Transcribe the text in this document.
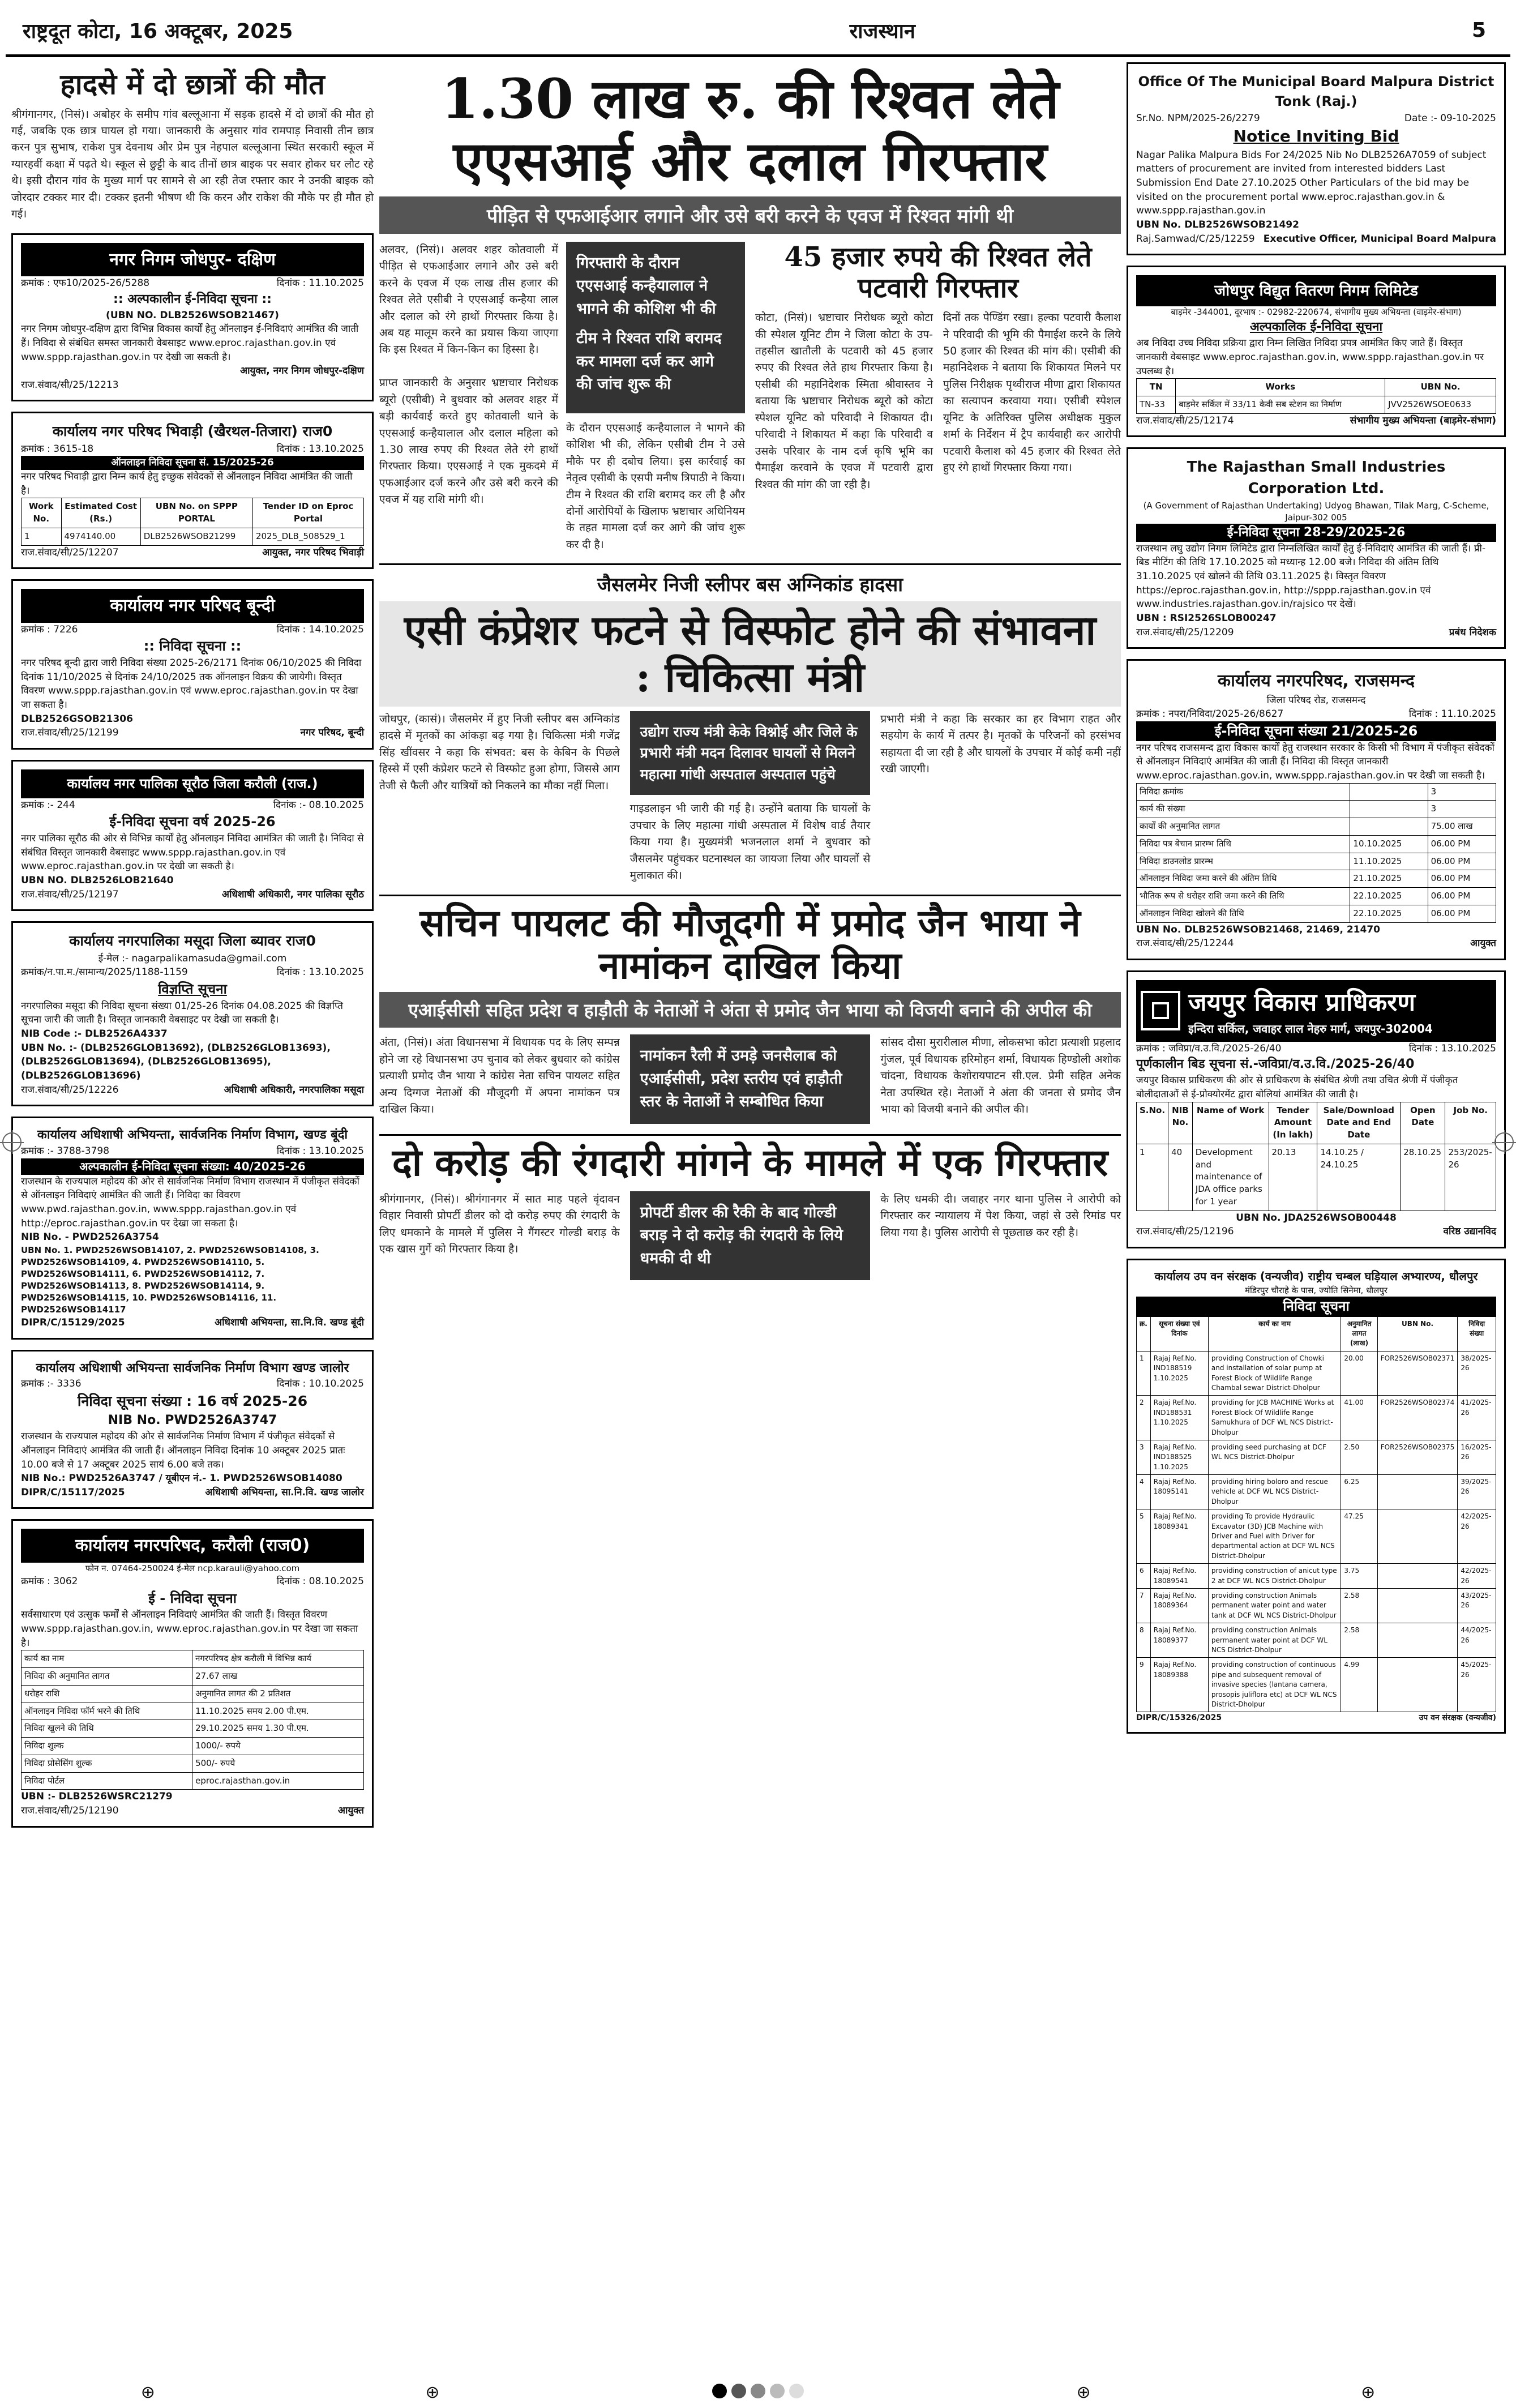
राष्ट्रदूत कोटा, 16 अक्टूबर, 2025	राजस्थान	5
हादसे में दो छात्रों की मौत
श्रीगंगानगर, (निसं)। अबोहर के समीप गांव बल्लूआना में सड़क हादसे में दो छात्रों की मौत हो गई, जबकि एक छात्र घायल हो गया। जानकारी के अनुसार गांव रामपाड़ निवासी तीन छात्र करन पुत्र सुभाष, राकेश पुत्र देवनाथ और प्रेम पुत्र नेहपाल बल्लूआना स्थित सरकारी स्कूल में ग्यारहवीं कक्षा में पढ़ते थे। स्कूल से छुट्टी के बाद तीनों छात्र बाइक पर सवार होकर घर लौट रहे थे। इसी दौरान गांव के मुख्य मार्ग पर सामने से आ रही तेज रफ्तार कार ने उनकी बाइक को जोरदार टक्कर मार दी। टक्कर इतनी भीषण थी कि करन और राकेश की मौके पर ही मौत हो गई।
नगर निगम जोधपुर- दक्षिण
क्रमांक : एफ10/2025-26/5288	दिनांक : 11.10.2025
:: अल्पकालीन ई-निविदा सूचना ::
(UBN NO. DLB2526WSOB21467)
नगर निगम जोधपुर-दक्षिण द्वारा विभिन्न विकास कार्यों हेतु ऑनलाइन ई-निविदाएं आमंत्रित की जाती हैं। निविदा से संबंधित समस्त जानकारी वेबसाइट www.eproc.rajasthan.gov.in एवं www.sppp.rajasthan.gov.in पर देखी जा सकती है।
आयुक्त, नगर निगम जोधपुर-दक्षिण
राज.संवाद/सी/25/12213
कार्यालय नगर परिषद भिवाड़ी (खैरथल-तिजारा) राज0
क्रमांक : 3615-18	दिनांक : 13.10.2025
ऑनलाइन निविदा सूचना सं. 15/2025-26
नगर परिषद भिवाड़ी द्वारा निम्न कार्य हेतु इच्छुक संवेदकों से ऑनलाइन निविदा आमंत्रित की जाती है।
Work No.	Estimated Cost (Rs.)	UBN No. on SPPP PORTAL	Tender ID on Eproc Portal
1	4974140.00	DLB2526WSOB21299	2025_DLB_508529_1
राज.संवाद/सी/25/12207	आयुक्त, नगर परिषद भिवाड़ी
कार्यालय नगर परिषद बून्दी
क्रमांक : 7226	दिनांक : 14.10.2025
:: निविदा सूचना ::
नगर परिषद बून्दी द्वारा जारी निविदा संख्या 2025-26/2171 दिनांक 06/10/2025 की निविदा दिनांक 11/10/2025 से दिनांक 24/10/2025 तक ऑनलाइन विक्रय की जायेगी। विस्तृत विवरण www.sppp.rajasthan.gov.in एवं www.eproc.rajasthan.gov.in पर देखा जा सकता है।
DLB2526GSOB21306
राज.संवाद/सी/25/12199	नगर परिषद, बून्दी
कार्यालय नगर पालिका सूरौठ जिला करौली (राज.)
क्रमांक :- 244	दिनांक :- 08.10.2025
ई-निविदा सूचना वर्ष 2025-26
नगर पालिका सूरौठ की ओर से विभिन्न कार्यों हेतु ऑनलाइन निविदा आमंत्रित की जाती है। निविदा से संबंधित विस्तृत जानकारी वेबसाइट www.sppp.rajasthan.gov.in एवं www.eproc.rajasthan.gov.in पर देखी जा सकती है।
UBN NO. DLB2526LOB21640
राज.संवाद/सी/25/12197	अधिशाषी अधिकारी, नगर पालिका सूरौठ
कार्यालय नगरपालिका मसूदा जिला ब्यावर राज0
ई-मेल :- nagarpalikamasuda@gmail.com
क्रमांक/न.पा.म./सामान्य/2025/1188-1159	दिनांक : 13.10.2025
विज्ञप्ति सूचना
नगरपालिका मसूदा की निविदा सूचना संख्या 01/25-26 दिनांक 04.08.2025 की विज्ञप्ति सूचना जारी की जाती है। विस्तृत जानकारी वेबसाइट पर देखी जा सकती है।
NIB Code :- DLB2526A4337
UBN No. :- (DLB2526GLOB13692), (DLB2526GLOB13693), (DLB2526GLOB13694), (DLB2526GLOB13695), (DLB2526GLOB13696)
राज.संवाद/सी/25/12226	अधिशाषी अधिकारी, नगरपालिका मसूदा
कार्यालय अधिशाषी अभियन्ता, सार्वजनिक निर्माण विभाग, खण्ड बूंदी
क्रमांक :- 3788-3798	दिनांक : 13.10.2025
अल्पकालीन ई-निविदा सूचना संख्या: 40/2025-26
राजस्थान के राज्यपाल महोदय की ओर से सार्वजनिक निर्माण विभाग राजस्थान में पंजीकृत संवेदकों से ऑनलाइन निविदाएं आमंत्रित की जाती हैं। निविदा का विवरण www.pwd.rajasthan.gov.in, www.sppp.rajasthan.gov.in एवं http://eproc.rajasthan.gov.in पर देखा जा सकता है।
NIB No. - PWD2526A3754
UBN No. 1. PWD2526WSOB14107, 2. PWD2526WSOB14108, 3. PWD2526WSOB14109, 4. PWD2526WSOB14110, 5. PWD2526WSOB14111, 6. PWD2526WSOB14112, 7. PWD2526WSOB14113, 8. PWD2526WSOB14114, 9. PWD2526WSOB14115, 10. PWD2526WSOB14116, 11. PWD2526WSOB14117
DIPR/C/15129/2025	अधिशाषी अभियन्ता, सा.नि.वि. खण्ड बूंदी
कार्यालय अधिशाषी अभियन्ता सार्वजनिक निर्माण विभाग खण्ड जालोर
क्रमांक :- 3336	दिनांक : 10.10.2025
निविदा सूचना संख्या : 16 वर्ष 2025-26
NIB No. PWD2526A3747
राजस्थान के राज्यपाल महोदय की ओर से सार्वजनिक निर्माण विभाग में पंजीकृत संवेदकों से ऑनलाइन निविदाएं आमंत्रित की जाती हैं। ऑनलाइन निविदा दिनांक 10 अक्टूबर 2025 प्रातः 10.00 बजे से 17 अक्टूबर 2025 सायं 6.00 बजे तक।
NIB No.: PWD2526A3747 / यूबीएन नं.- 1. PWD2526WSOB14080
DIPR/C/15117/2025	अधिशाषी अभियन्ता, सा.नि.वि. खण्ड जालोर
कार्यालय नगरपरिषद, करौली (राज0)
फोन न. 07464-250024 ई-मेल ncp.karauli@yahoo.com
क्रमांक : 3062	दिनांक : 08.10.2025
ई - निविदा सूचना
सर्वसाधारण एवं उत्सुक फर्मों से ऑनलाइन निविदाएं आमंत्रित की जाती हैं। विस्तृत विवरण www.sppp.rajasthan.gov.in, www.eproc.rajasthan.gov.in पर देखा जा सकता है।
कार्य का नाम	नगरपरिषद क्षेत्र करौली में विभिन्न कार्य
निविदा की अनुमानित लागत	27.67 लाख
धरोहर राशि	अनुमानित लागत की 2 प्रतिशत
ऑनलाइन निविदा फॉर्म भरने की तिथि	11.10.2025 समय 2.00 पी.एम.
निविदा खुलने की तिथि	29.10.2025 समय 1.30 पी.एम.
निविदा शुल्क	1000/- रुपये
निविदा प्रोसेसिंग शुल्क	500/- रुपये
निविदा पोर्टल	eproc.rajasthan.gov.in
UBN :- DLB2526WSRC21279
राज.संवाद/सी/25/12190	आयुक्त
1.30 लाख रु. की रिश्वत लेते एएसआई और दलाल गिरफ्तार
पीड़ित से एफआईआर लगाने और उसे बरी करने के एवज में रिश्वत मांगी थी
अलवर, (निसं)। अलवर शहर कोतवाली में पीड़ित से एफआईआर लगाने और उसे बरी करने के एवज में एक लाख तीस हजार की रिश्वत लेते एसीबी ने एएसआई कन्हैया लाल और दलाल को रंगे हाथों गिरफ्तार किया है। अब यह मालूम करने का प्रयास किया जाएगा कि इस रिश्वत में किन-किन का हिस्सा है।

प्राप्त जानकारी के अनुसार भ्रष्टाचार निरोधक ब्यूरो (एसीबी) ने बुधवार को अलवर शहर में बड़ी कार्यवाई करते हुए कोतवाली थाने के एएसआई कन्हैयालाल और दलाल महिला को 1.30 लाख रुपए की रिश्वत लेते रंगे हाथों गिरफ्तार किया। एएसआई ने एक मुकदमे में एफआईआर दर्ज करने और उसे बरी करने की एवज में यह राशि मांगी थी।
गिरफ्तारी के दौरान एएसआई कन्हैयालाल ने भागने की कोशिश भी की
टीम ने रिश्वत राशि बरामद कर मामला दर्ज कर आगे की जांच शुरू की
के दौरान एएसआई कन्हैयालाल ने भागने की कोशिश भी की, लेकिन एसीबी टीम ने उसे मौके पर ही दबोच लिया। इस कार्रवाई का नेतृत्व एसीबी के एसपी मनीष त्रिपाठी ने किया। टीम ने रिश्वत की राशि बरामद कर ली है और दोनों आरोपियों के खिलाफ भ्रष्टाचार अधिनियम के तहत मामला दर्ज कर आगे की जांच शुरू कर दी है।
45 हजार रुपये की रिश्वत लेते पटवारी गिरफ्तार
कोटा, (निसं)। भ्रष्टाचार निरोधक ब्यूरो कोटा की स्पेशल यूनिट टीम ने जिला कोटा के उप-तहसील खातौली के पटवारी को 45 हजार रुपए की रिश्वत लेते हाथ गिरफ्तार किया है। एसीबी की महानिदेशक स्मिता श्रीवास्तव ने बताया कि भ्रष्टाचार निरोधक ब्यूरो को कोटा स्पेशल यूनिट को परिवादी ने शिकायत दी। परिवादी ने शिकायत में कहा कि परिवादी व उसके परिवार के नाम दर्ज कृषि भूमि का पैमाईश करवाने के एवज में पटवारी द्वारा रिश्वत की मांग की जा रही है।
दिनों तक पेण्डिंग रखा। हल्का पटवारी कैलाश ने परिवादी की भूमि की पैमाईश करने के लिये 50 हजार की रिश्वत की मांग की। एसीबी की महानिदेशक ने बताया कि शिकायत मिलने पर पुलिस निरीक्षक पृथ्वीराज मीणा द्वारा शिकायत का सत्यापन करवाया गया। एसीबी स्पेशल यूनिट के अतिरिक्त पुलिस अधीक्षक मुकुल शर्मा के निर्देशन में ट्रैप कार्यवाही कर आरोपी पटवारी कैलाश को 45 हजार की रिश्वत लेते हुए रंगे हाथों गिरफ्तार किया गया।
जैसलमेर निजी स्लीपर बस अग्निकांड हादसा
एसी कंप्रेशर फटने से विस्फोट होने की संभावना : चिकित्सा मंत्री
जोधपुर, (कासं)। जैसलमेर में हुए निजी स्लीपर बस अग्निकांड हादसे में मृतकों का आंकड़ा बढ़ गया है। चिकित्सा मंत्री गजेंद्र सिंह खींवसर ने कहा कि संभवत: बस के केबिन के पिछले हिस्से में एसी कंप्रेशर फटने से विस्फोट हुआ होगा, जिससे आग तेजी से फैली और यात्रियों को निकलने का मौका नहीं मिला।
उद्योग राज्य मंत्री केके विश्नोई और जिले के प्रभारी मंत्री मदन दिलावर घायलों से मिलने महात्मा गांधी अस्पताल अस्पताल पहुंचे
गाइडलाइन भी जारी की गई है। उन्होंने बताया कि घायलों के उपचार के लिए महात्मा गांधी अस्पताल में विशेष वार्ड तैयार किया गया है। मुख्यमंत्री भजनलाल शर्मा ने बुधवार को जैसलमेर पहुंचकर घटनास्थल का जायजा लिया और घायलों से मुलाकात की।
प्रभारी मंत्री ने कहा कि सरकार का हर विभाग राहत और सहयोग के कार्य में तत्पर है। मृतकों के परिजनों को हरसंभव सहायता दी जा रही है और घायलों के उपचार में कोई कमी नहीं रखी जाएगी।
सचिन पायलट की मौजूदगी में प्रमोद जैन भाया ने नामांकन दाखिल किया
एआईसीसी सहित प्रदेश व हाड़ौती के नेताओं ने अंता से प्रमोद जैन भाया को विजयी बनाने की अपील की
अंता, (निसं)। अंता विधानसभा में विधायक पद के लिए सम्पन्न होने जा रहे विधानसभा उप चुनाव को लेकर बुधवार को कांग्रेस प्रत्याशी प्रमोद जैन भाया ने कांग्रेस नेता सचिन पायलट सहित अन्य दिग्गज नेताओं की मौजूदगी में अपना नामांकन पत्र दाखिल किया।
नामांकन रैली में उमड़े जनसैलाब को एआईसीसी, प्रदेश स्तरीय एवं हाड़ौती स्तर के नेताओं ने सम्बोधित किया
सांसद दौसा मुरारीलाल मीणा, लोकसभा कोटा प्रत्याशी प्रहलाद गुंजल, पूर्व विधायक हरिमोहन शर्मा, विधायक हिण्डोली अशोक चांदना, विधायक केशोरायपाटन सी.एल. प्रेमी सहित अनेक नेता उपस्थित रहे। नेताओं ने अंता की जनता से प्रमोद जैन भाया को विजयी बनाने की अपील की।
दो करोड़ की रंगदारी मांगने के मामले में एक गिरफ्तार
श्रीगंगानगर, (निसं)। श्रीगंगानगर में सात माह पहले वृंदावन विहार निवासी प्रोपर्टी डीलर को दो करोड़ रुपए की रंगदारी के लिए धमकाने के मामले में पुलिस ने गैंगस्टर गोल्डी बराड़ के एक खास गुर्गे को गिरफ्तार किया है।
प्रोपर्टी डीलर की रैकी के बाद गोल्डी बराड़ ने दो करोड़ की रंगदारी के लिये धमकी दी थी
के लिए धमकी दी। जवाहर नगर थाना पुलिस ने आरोपी को गिरफ्तार कर न्यायालय में पेश किया, जहां से उसे रिमांड पर लिया गया है। पुलिस आरोपी से पूछताछ कर रही है।
Office Of The Municipal Board Malpura District Tonk (Raj.)
Sr.No. NPM/2025-26/2279	Date :- 09-10-2025
Notice Inviting Bid
Nagar Palika Malpura Bids For 24/2025 Nib No DLB2526A7059 of subject matters of procurement are invited from interested bidders Last Submission End Date 27.10.2025 Other Particulars of the bid may be visited on the procurement portal www.eproc.rajasthan.gov.in & www.sppp.rajasthan.gov.in
UBN No. DLB2526WSOB21492
Raj.Samwad/C/25/12259 Executive Officer, Municipal Board Malpura
जोधपुर विद्युत वितरण निगम लिमिटेड
बाड़मेर -344001, दूरभाष :- 02982-220674, संभागीय मुख्य अभियन्ता (वाड़मेर-संभाग)
अल्पकालिक ई-निविदा सूचना
अब निविदा उच्च निविदा प्रक्रिया द्वारा निम्न लिखित निविदा प्रपत्र आमंत्रित किए जाते हैं। विस्तृत जानकारी वेबसाइट www.eproc.rajasthan.gov.in, www.sppp.rajasthan.gov.in पर उपलब्ध है।
TN	Works	UBN No.
TN-33	बाड़मेर सर्किल में 33/11 केवी सब स्टेशन का निर्माण	JVV2526WSOE0633
राज.संवाद/सी/25/12174	संभागीय मुख्य अभियन्ता (बाड़मेर-संभाग)
The Rajasthan Small Industries Corporation Ltd.
(A Government of Rajasthan Undertaking) Udyog Bhawan, Tilak Marg, C-Scheme, Jaipur-302 005
ई-निविदा सूचना 28-29/2025-26
राजस्थान लघु उद्योग निगम लिमिटेड द्वारा निम्नलिखित कार्यों हेतु ई-निविदाएं आमंत्रित की जाती हैं। प्री-बिड मीटिंग की तिथि 17.10.2025 को मध्यान्ह 12.00 बजे। निविदा की अंतिम तिथि 31.10.2025 एवं खोलने की तिथि 03.11.2025 है। विस्तृत विवरण https://eproc.rajasthan.gov.in, http://sppp.rajasthan.gov.in एवं www.industries.rajasthan.gov.in/rajsico पर देखें।
UBN : RSI2526SLOB00247
राज.संवाद/सी/25/12209	प्रबंध निदेशक
कार्यालय नगरपरिषद, राजसमन्द
जिला परिषद रोड, राजसमन्द
क्रमांक : नपरा/निविदा/2025-26/8627	दिनांक : 11.10.2025
ई-निविदा सूचना संख्या 21/2025-26
नगर परिषद राजसमन्द द्वारा विकास कार्यों हेतु राजस्थान सरकार के किसी भी विभाग में पंजीकृत संवेदकों से ऑनलाइन निविदाएं आमंत्रित की जाती हैं। निविदा की विस्तृत जानकारी www.eproc.rajasthan.gov.in, www.sppp.rajasthan.gov.in पर देखी जा सकती है।
निविदा क्रमांक		3
कार्य की संख्या		3
कार्यों की अनुमानित लागत		75.00 लाख
निविदा पत्र बेचान प्रारम्भ तिथि	10.10.2025	06.00 PM
निविदा डाउनलोड प्रारम्भ	11.10.2025	06.00 PM
ऑनलाइन निविदा जमा करने की अंतिम तिथि	21.10.2025	06.00 PM
भौतिक रूप से धरोहर राशि जमा करने की तिथि	22.10.2025	06.00 PM
ऑनलाइन निविदा खोलने की तिथि	22.10.2025	06.00 PM
UBN No. DLB2526WSOB21468, 21469, 21470
राज.संवाद/सी/25/12244	आयुक्त
जयपुर विकास प्राधिकरण
इन्दिरा सर्किल, जवाहर लाल नेहरु मार्ग, जयपुर-302004
क्रमांक : जविप्रा/व.उ.वि./2025-26/40	दिनांक : 13.10.2025
पूर्णकालीन बिड सूचना सं.-जविप्रा/व.उ.वि./2025-26/40
जयपुर विकास प्राधिकरण की ओर से प्राधिकरण के संबंधित श्रेणी तथा उचित श्रेणी में पंजीकृत बोलीदाताओं से ई-प्रोक्योरमेंट द्वारा बोलियां आमंत्रित की जाती है।
S.No.	NIB No.	Name of Work	Tender Amount (In lakh)	Sale/Download Date and End Date	Open Date	Job No.
1	40	Development and maintenance of JDA office parks for 1 year	20.13	14.10.25 / 24.10.25	28.10.25	253/2025-26
UBN No. JDA2526WSOB00448
राज.संवाद/सी/25/12196	वरिष्ठ उद्यानविद
कार्यालय उप वन संरक्षक (वन्यजीव) राष्ट्रीय चम्बल घड़ियाल अभ्यारण्य, धौलपुर
मंडिरपुर चौराहे के पास, ज्योति सिनेमा, धौलपुर
निविदा सूचना
क्र.	सूचना संख्या एवं दिनांक	कार्य का नाम	अनुमानित लागत (लाख)	UBN No.	निविदा संख्या
1	Rajaj Ref.No. IND188519 1.10.2025	providing Construction of Chowki and installation of solar pump at Forest Block of Wildlife Range Chambal sewar District-Dholpur	20.00	FOR2526WSOB02371	38/2025-26
2	Rajaj Ref.No. IND188531 1.10.2025	providing for JCB MACHINE Works at Forest Block Of Wildlife Range Samukhura of DCF WL NCS District-Dholpur	41.00	FOR2526WSOB02374	41/2025-26
3	Rajaj Ref.No. IND188525 1.10.2025	providing seed purchasing at DCF WL NCS District-Dholpur	2.50	FOR2526WSOB02375	16/2025-26
4	Rajaj Ref.No. 18095141	providing hiring boloro and rescue vehicle at DCF WL NCS District-Dholpur	6.25		39/2025-26
5	Rajaj Ref.No. 18089341	providing To provide Hydraulic Excavator (3D) JCB Machine with Driver and Fuel with Driver for departmental action at DCF WL NCS District-Dholpur	47.25		42/2025-26
6	Rajaj Ref.No. 18089541	providing construction of anicut type 2 at DCF WL NCS District-Dholpur	3.75		42/2025-26
7	Rajaj Ref.No. 18089364	providing construction Animals permanent water point and water tank at DCF WL NCS District-Dholpur	2.58		43/2025-26
8	Rajaj Ref.No. 18089377	providing construction Animals permanent water point at DCF WL NCS District-Dholpur	2.58		44/2025-26
9	Rajaj Ref.No. 18089388	providing construction of continuous pipe and subsequent removal of invasive species (lantana camera, prosopis juliflora etc) at DCF WL NCS District-Dholpur	4.99		45/2025-26
DIPR/C/15326/2025	उप वन संरक्षक (वन्यजीव)
⊕	⊕	⊕	⊕
